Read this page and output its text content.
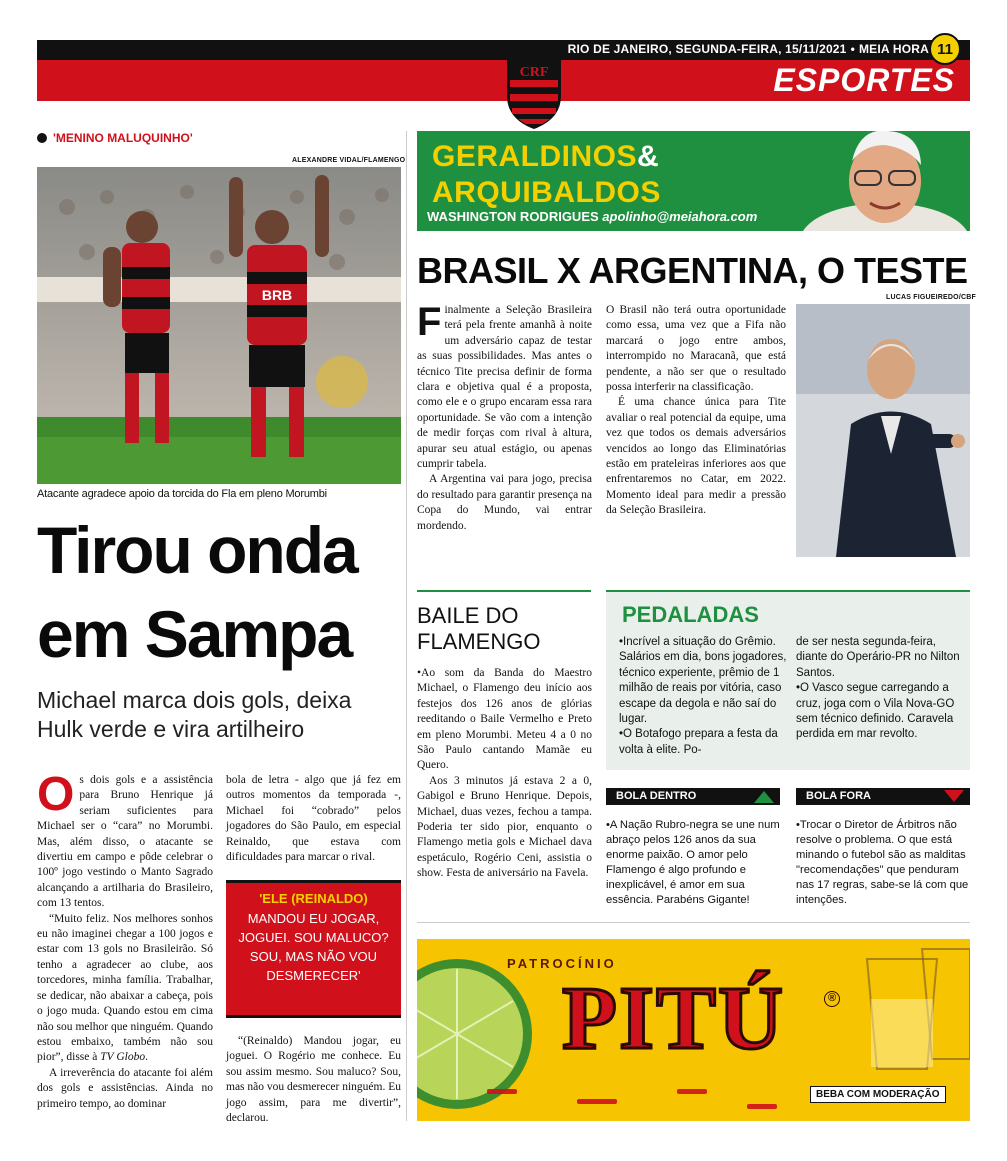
RIO DE JANEIRO, SEGUNDA-FEIRA, 15/11/2021 • MEIA HORA 11
ESPORTES
CRF
'MENINO MALUQUINHO'
ALEXANDRE VIDAL/FLAMENGO
BRB
Atacante agradece apoio da torcida do Fla em pleno Morumbi
Tirou onda
em Sampa
Michael marca dois gols, deixa Hulk verde e vira artilheiro
O s dois gols e a assistência para Bruno Henrique já seriam suficientes para Michael ser o “cara” no Morumbi. Mas, além disso, o atacante se divertiu em campo e pôde celebrar o 100º jogo vestindo o Manto Sagrado alcançando a artilharia do Brasileiro, com 13 tentos.

“Muito feliz. Nos melhores sonhos eu não imaginei chegar a 100 jogos e estar com 13 gols no Brasileirão. Só tenho a agradecer ao clube, aos torcedores, minha família. Trabalhar, se dedicar, não abaixar a cabeça, pois o jogo muda. Quando estou em cima não sou melhor que ninguém. Quando estou embaixo, também não sou pior”, disse à TV Globo.

A irreverência do atacante foi além dos gols e assistências. Ainda no primeiro tempo, ao dominar

bola de letra - algo que já fez em outros momentos da temporada -, Michael foi “cobrado” pelos jogadores do São Paulo, em especial Reinaldo, que estava com dificuldades para marcar o rival.

'ELE (REINALDO)
MANDOU EU JOGAR, JOGUEI. SOU MALUCO? SOU, MAS NÃO VOU DESMERECER'

“(Reinaldo) Mandou jogar, eu joguei. O Rogério me conhece. Eu sou assim mesmo. Sou maluco? Sou, mas não vou desmerecer ninguém. Eu jogo assim, para me divertir”, declarou.

GERALDINOS&
ARQUIBALDOS
WASHINGTON RODRIGUES apolinho@meiahora.com
BRASIL X ARGENTINA, O TESTE
LUCAS FIGUEIREDO/CBF
F inalmente a Seleção Brasileira terá pela frente amanhã à noite um adversário capaz de testar as suas possibilidades. Mas antes o técnico Tite precisa definir de forma clara e objetiva qual é a proposta, como ele e o grupo encaram essa rara oportunidade. Se vão com a intenção de medir forças com rival à altura, apurar seu atual estágio, ou apenas cumprir tabela.

A Argentina vai para jogo, precisa do resultado para garantir presença na Copa do Mundo, vai entrar mordendo.

O Brasil não terá outra oportunidade como essa, uma vez que a Fifa não marcará o jogo entre ambos, interrompido no Maracanã, que está pendente, a não ser que o resultado possa interferir na classificação.

É uma chance única para Tite avaliar o real potencial da equipe, uma vez que todos os demais adversários vencidos ao longo das Eliminatórias estão em prateleiras inferiores aos que enfrentaremos no Catar, em 2022. Momento ideal para medir a pressão da Seleção Brasileira.

BAILE DO FLAMENGO

•Ao som da Banda do Maestro Michael, o Flamengo deu início aos festejos dos 126 anos de glórias reeditando o Baile Vermelho e Preto em pleno Morumbi. Meteu 4 a 0 no São Paulo cantando Mamãe eu Quero.

Aos 3 minutos já estava 2 a 0, Gabigol e Bruno Henrique. Depois, Michael, duas vezes, fechou a tampa. Poderia ter sido pior, enquanto o Flamengo metia gols e Michael dava espetáculo, Rogério Ceni, assistia o show. Festa de aniversário na Favela.

PEDALADAS
•Incrível a situação do Grêmio. Salários em dia, bons jogadores, técnico experiente, prêmio de 1 milhão de reais por vitória, caso escape da degola e não saí do lugar.
•O Botafogo prepara a festa da volta à elite. Po-
de ser nesta segunda-feira, diante do Operário-PR no Nilton Santos.
•O Vasco segue carregando a cruz, joga com o Vila Nova-GO sem técnico definido. Caravela perdida em mar revolto.
BOLA DENTRO	BOLA FORA
•A Nação Rubro-negra se une num abraço pelos 126 anos da sua enorme paixão. O amor pelo Flamengo é algo profundo e inexplicável, é amor em sua essência. Parabéns Gigante!
•Trocar o Diretor de Árbitros não resolve o problema. O que está minando o futebol são as malditas "recomendações" que penduram nas 17 regras, sabe-se lá com que intenções.
PATROCÍNIO
PITÚ	®
BEBA COM MODERAÇÃO
